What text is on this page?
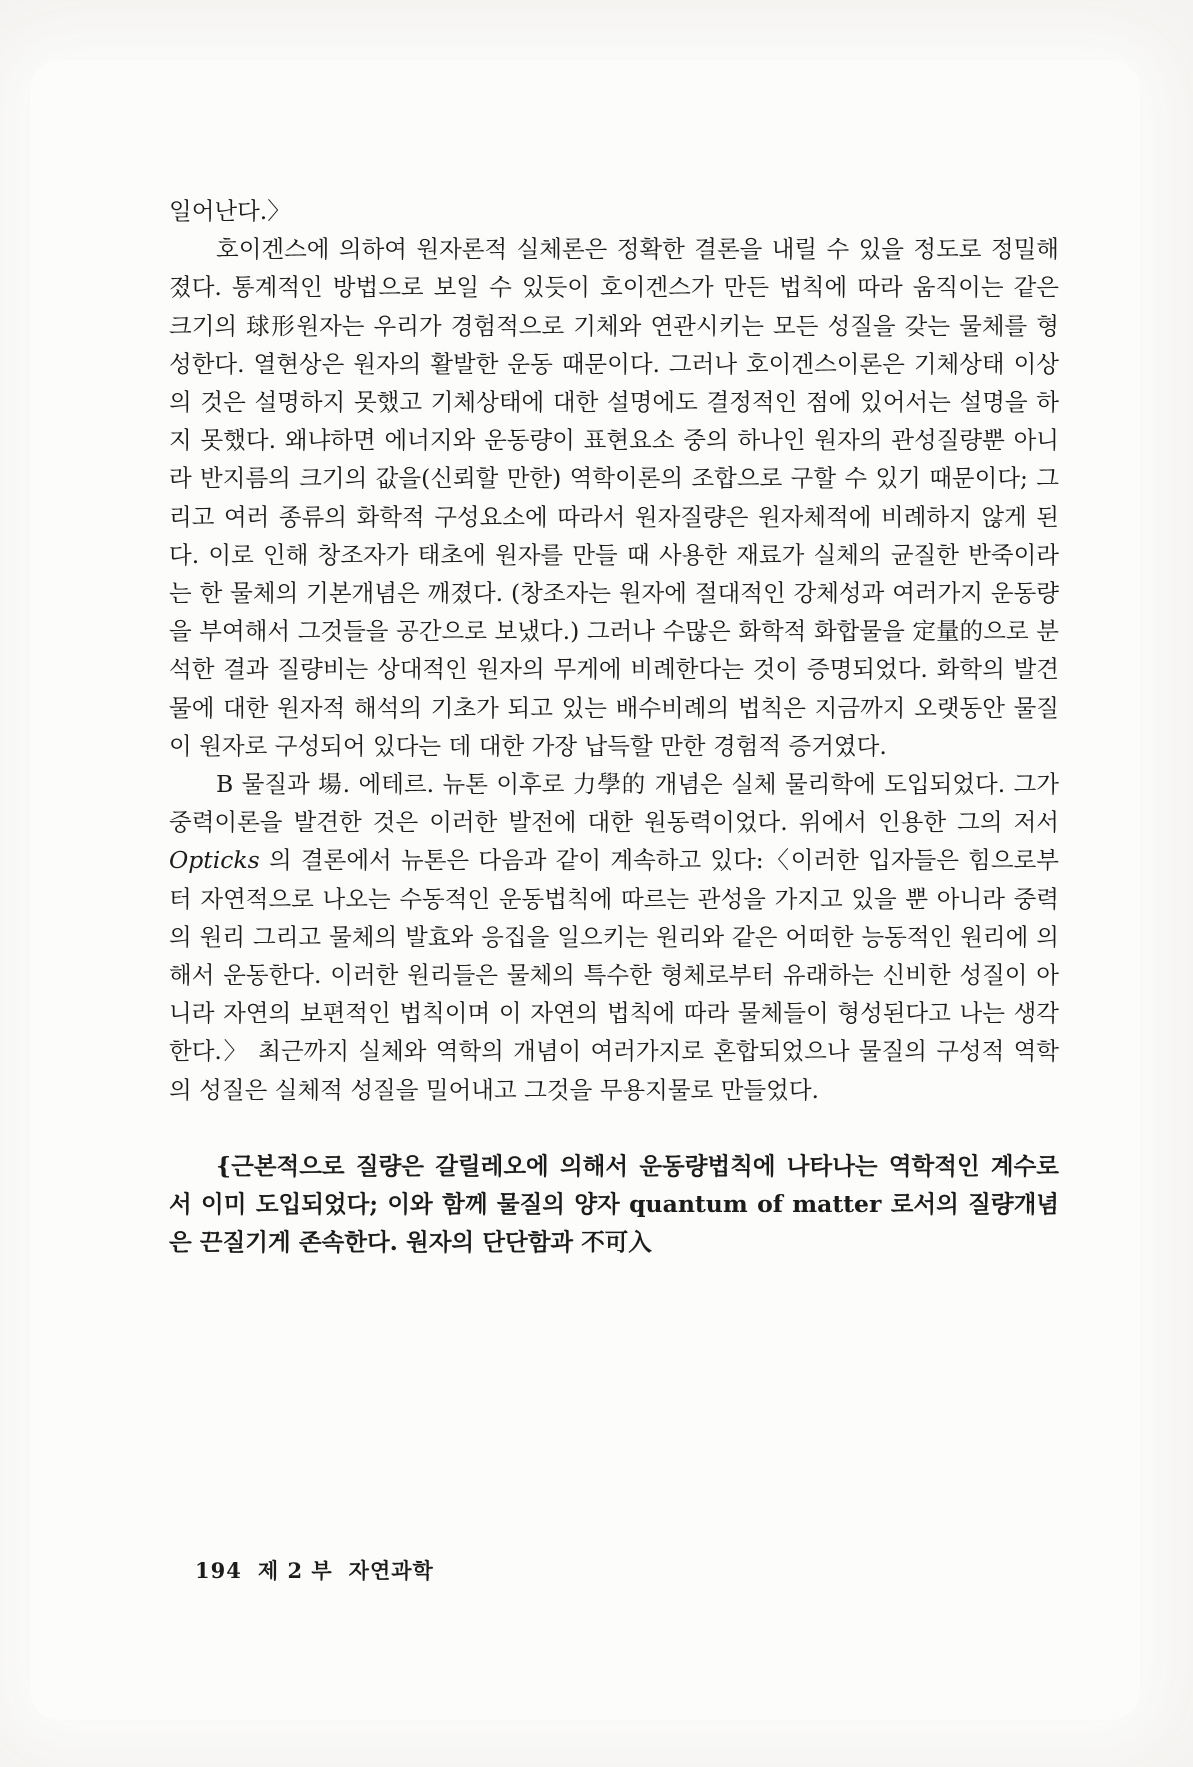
일어난다.〉

호이겐스에 의하여 원자론적 실체론은 정확한 결론을 내릴 수 있을 정도로 정밀해졌다. 통계적인 방법으로 보일 수 있듯이 호이겐스가 만든 법칙에 따라 움직이는 같은 크기의 球形원자는 우리가 경험적으로 기체와 연관시키는 모든 성질을 갖는 물체를 형성한다. 열현상은 원자의 활발한 운동 때문이다. 그러나 호이겐스이론은 기체상태 이상의 것은 설명하지 못했고 기체상태에 대한 설명에도 결정적인 점에 있어서는 설명을 하지 못했다. 왜냐하면 에너지와 운동량이 표현요소 중의 하나인 원자의 관성질량뿐 아니라 반지름의 크기의 값을(신뢰할 만한) 역학이론의 조합으로 구할 수 있기 때문이다; 그리고 여러 종류의 화학적 구성요소에 따라서 원자질량은 원자체적에 비례하지 않게 된다. 이로 인해 창조자가 태초에 원자를 만들 때 사용한 재료가 실체의 균질한 반죽이라는 한 물체의 기본개념은 깨졌다. (창조자는 원자에 절대적인 강체성과 여러가지 운동량을 부여해서 그것들을 공간으로 보냈다.) 그러나 수많은 화학적 화합물을 定量的으로 분석한 결과 질량비는 상대적인 원자의 무게에 비례한다는 것이 증명되었다. 화학의 발견물에 대한 원자적 해석의 기초가 되고 있는 배수비례의 법칙은 지금까지 오랫동안 물질이 원자로 구성되어 있다는 데 대한 가장 납득할 만한 경험적 증거였다.

B 물질과 場. 에테르. 뉴톤 이후로 力學的 개념은 실체 물리학에 도입되었다. 그가 중력이론을 발견한 것은 이러한 발전에 대한 원동력이었다. 위에서 인용한 그의 저서 Opticks 의 결론에서 뉴톤은 다음과 같이 계속하고 있다:〈이러한 입자들은 힘으로부터 자연적으로 나오는 수동적인 운동법칙에 따르는 관성을 가지고 있을 뿐 아니라 중력의 원리 그리고 물체의 발효와 응집을 일으키는 원리와 같은 어떠한 능동적인 원리에 의해서 운동한다. 이러한 원리들은 물체의 특수한 형체로부터 유래하는 신비한 성질이 아니라 자연의 보편적인 법칙이며 이 자연의 법칙에 따라 물체들이 형성된다고 나는 생각한다.〉 최근까지 실체와 역학의 개념이 여러가지로 혼합되었으나 물질의 구성적 역학의 성질은 실체적 성질을 밀어내고 그것을 무용지물로 만들었다.

{근본적으로 질량은 갈릴레오에 의해서 운동량법칙에 나타나는 역학적인 계수로서 이미 도입되었다; 이와 함께 물질의 양자 quantum of matter 로서의 질량개념은 끈질기게 존속한다. 원자의 단단함과 不可入

194 제 2 부 자연과학
